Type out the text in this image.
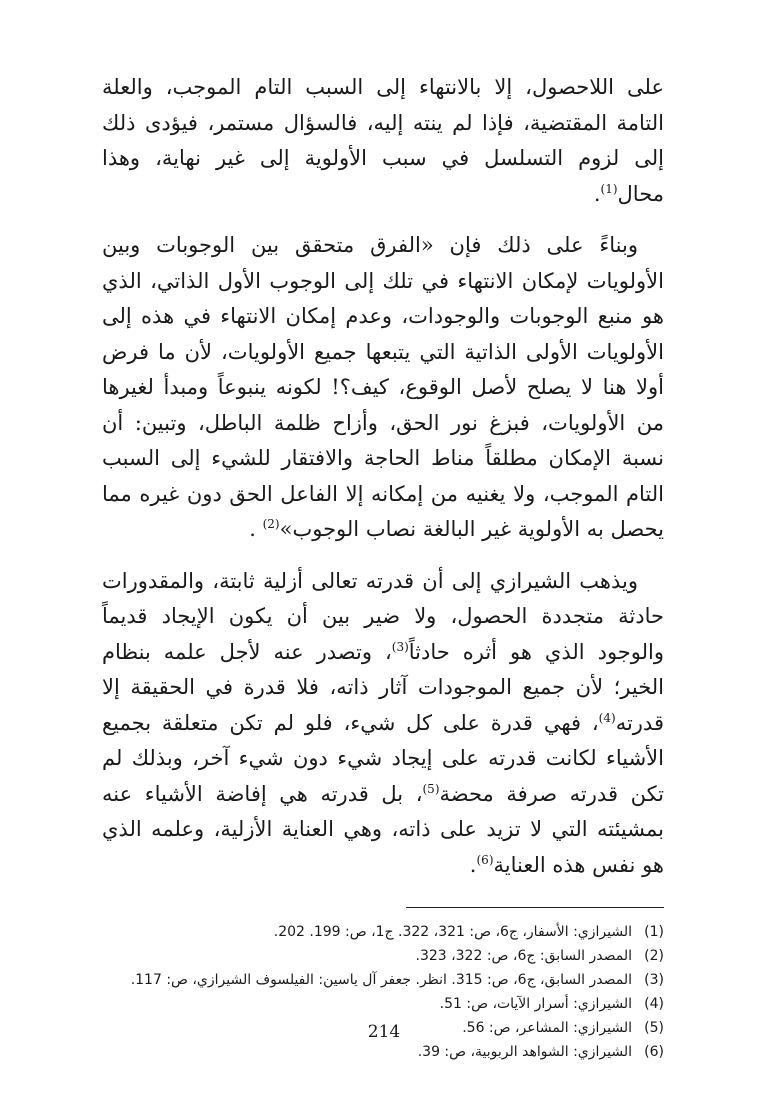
على اللاحصول، إلا بالانتهاء إلى السبب التام الموجب، والعلة التامة المقتضية، فإذا لم ينته إليه، فالسؤال مستمر، فيؤدى ذلك إلى لزوم التسلسل في سبب الأولوية إلى غير نهاية، وهذا محال$^{(1)}$.

وبناءً على ذلك فإن «الفرق متحقق بين الوجوبات وبين الأولويات لإمكان الانتهاء في تلك إلى الوجوب الأول الذاتي، الذي هو منبع الوجوبات والوجودات، وعدم إمكان الانتهاء في هذه إلى الأولويات الأولى الذاتية التي يتبعها جميع الأولويات، لأن ما فرض أولا هنا لا يصلح لأصل الوقوع، كيف؟! لكونه ينبوعاً ومبدأ لغيرها من الأولويات، فبزغ نور الحق، وأزاح ظلمة الباطل، وتبين: أن نسبة الإمكان مطلقاً مناط الحاجة والافتقار للشيء إلى السبب التام الموجب، ولا يغنيه من إمكانه إلا الفاعل الحق دون غيره مما يحصل به الأولوية غير البالغة نصاب الوجوب»$^{(2)}$ .

ويذهب الشيرازي إلى أن قدرته تعالى أزلية ثابتة، والمقدورات حادثة متجددة الحصول، ولا ضير بين أن يكون الإيجاد قديماً والوجود الذي هو أثره حادثاً$^{(3)}$، وتصدر عنه لأجل علمه بنظام الخير؛ لأن جميع الموجودات آثار ذاته، فلا قدرة في الحقيقة إلا قدرته$^{(4)}$، فهي قدرة على كل شيء، فلو لم تكن متعلقة بجميع الأشياء لكانت قدرته على إيجاد شيء دون شيء آخر، وبذلك لم تكن قدرته صرفة محضة$^{(5)}$، بل قدرته هي إفاضة الأشياء عنه بمشيئته التي لا تزيد على ذاته، وهي العناية الأزلية، وعلمه الذي هو نفس هذه العناية$^{(6)}$.

(1)
الشيرازي: الأسفار، ج6، ص: 321، 322. ج1، ص: 199. 202.
(2)
المصدر السابق: ج6، ص: 322، 323.
(3)
المصدر السابق، ج6، ص: 315. انظر. جعفر آل ياسين: الفيلسوف الشيرازي، ص: 117.
(4)
الشيرازي: أسرار الآيات، ص: 51.
(5)
الشيرازي: المشاعر، ص: 56.
(6)
الشيرازي: الشواهد الربوبية، ص: 39.
214
